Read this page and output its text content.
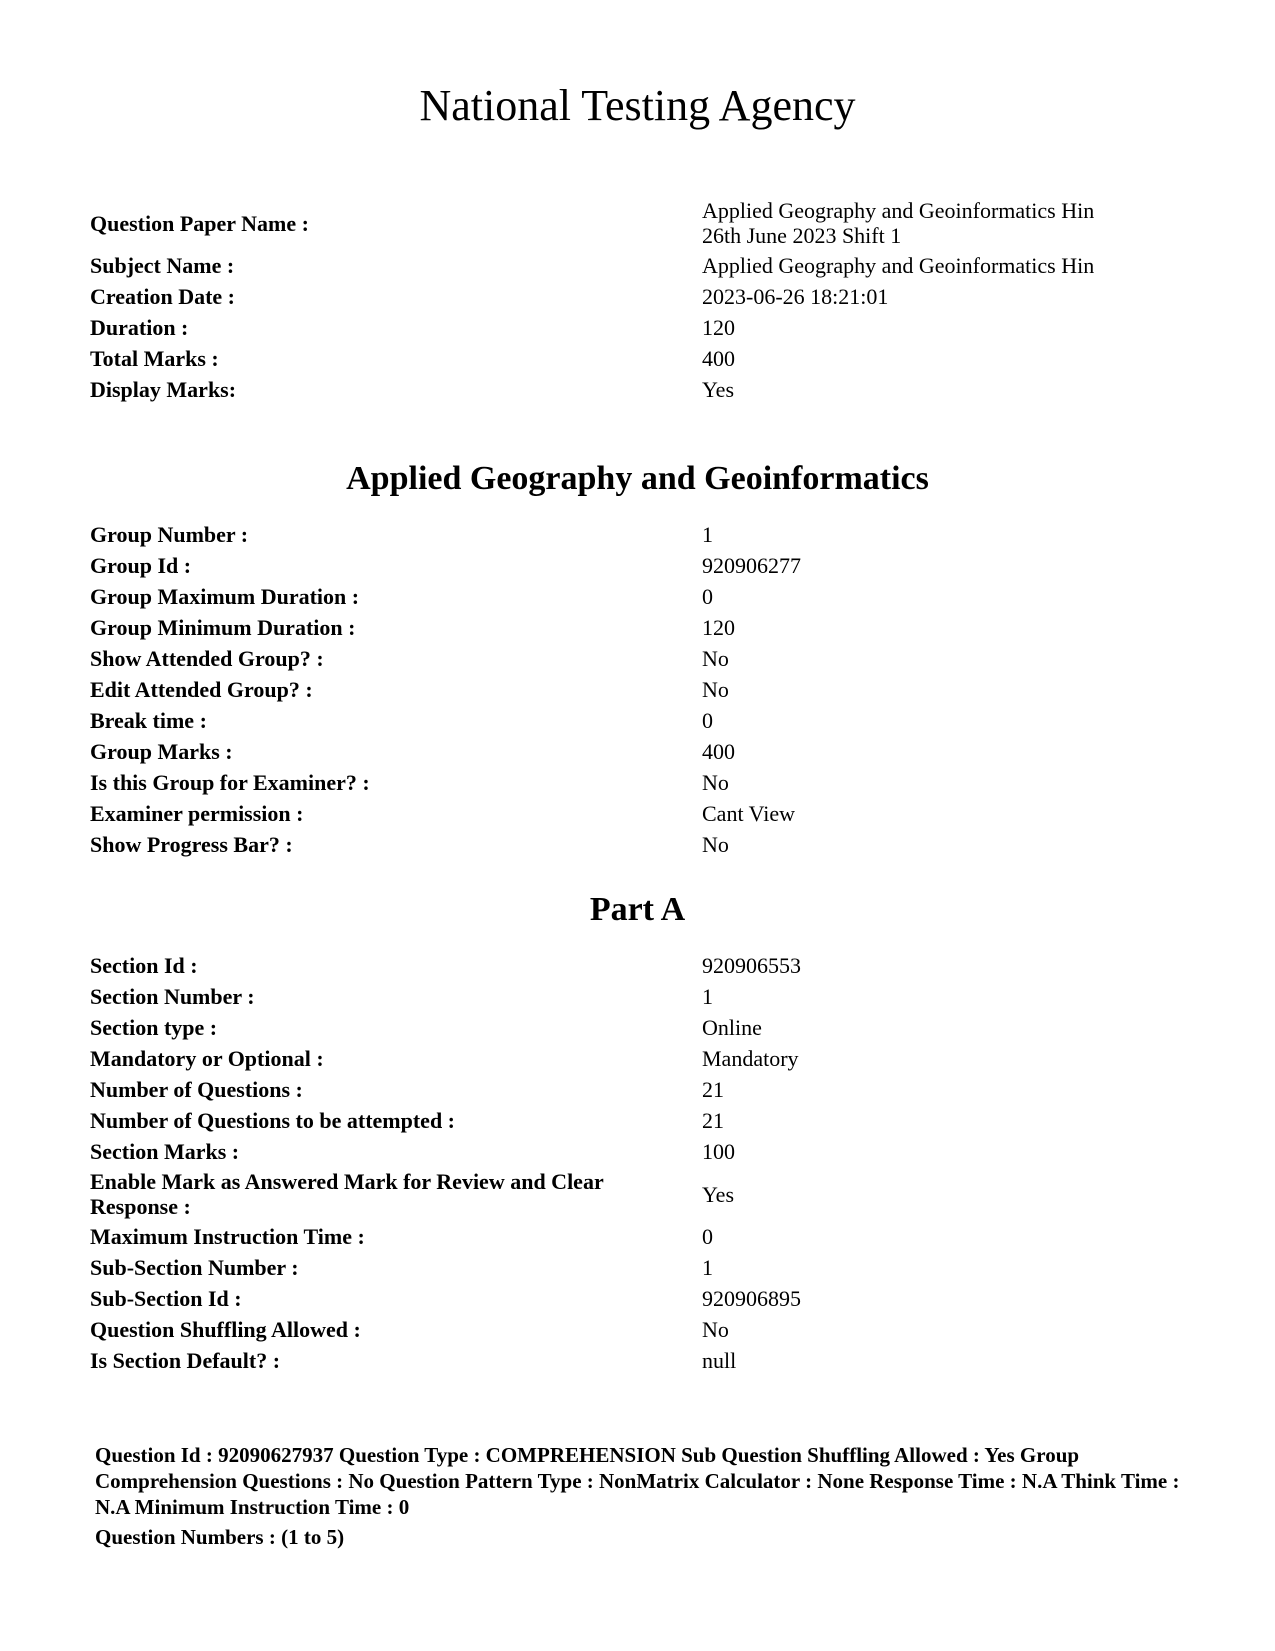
National Testing Agency
Question Paper Name :	Applied Geography and Geoinformatics Hin 26th June 2023 Shift 1
Subject Name :	Applied Geography and Geoinformatics Hin
Creation Date :	2023-06-26 18:21:01
Duration :	120
Total Marks :	400
Display Marks:	Yes
Applied Geography and Geoinformatics
Group Number :	1
Group Id :	920906277
Group Maximum Duration :	0
Group Minimum Duration :	120
Show Attended Group? :	No
Edit Attended Group? :	No
Break time :	0
Group Marks :	400
Is this Group for Examiner? :	No
Examiner permission :	Cant View
Show Progress Bar? :	No
Part A
Section Id :	920906553
Section Number :	1
Section type :	Online
Mandatory or Optional :	Mandatory
Number of Questions :	21
Number of Questions to be attempted :	21
Section Marks :	100
Enable Mark as Answered Mark for Review and Clear Response :	Yes
Maximum Instruction Time :	0
Sub-Section Number :	1
Sub-Section Id :	920906895
Question Shuffling Allowed :	No
Is Section Default? :	null

Question Id : 92090627937 Question Type : COMPREHENSION Sub Question Shuffling Allowed : Yes Group Comprehension Questions : No Question Pattern Type : NonMatrix Calculator : None Response Time : N.A Think Time : N.A Minimum Instruction Time : 0

Question Numbers : (1 to 5)
